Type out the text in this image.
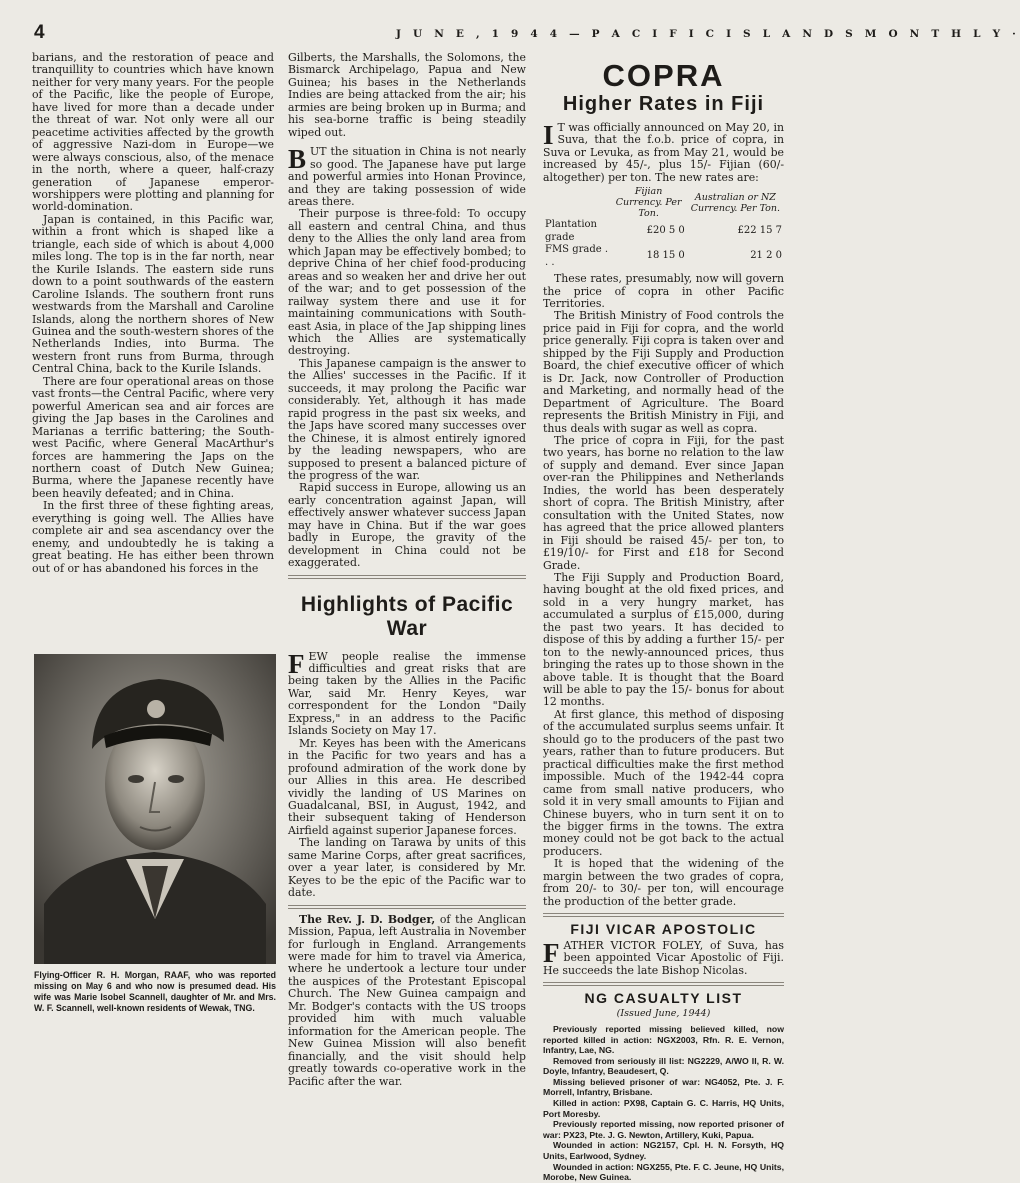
4	J U N E , 1 9 4 4 — P A C I F I C I S L A N D S M O N T H L Y ·

barians, and the restoration of peace and tranquillity to countries which have known neither for very many years. For the people of the Pacific, like the people of Europe, have lived for more than a decade under the threat of war. Not only were all our peacetime activities affected by the growth of aggressive Nazi-dom in Europe—we were always conscious, also, of the menace in the north, where a queer, half-crazy generation of Japanese emperor-worshippers were plotting and planning for world-domination.

Japan is contained, in this Pacific war, within a front which is shaped like a triangle, each side of which is about 4,000 miles long. The top is in the far north, near the Kurile Islands. The eastern side runs down to a point southwards of the eastern Caroline Islands. The southern front runs westwards from the Marshall and Caroline Islands, along the northern shores of New Guinea and the south-western shores of the Netherlands Indies, into Burma. The western front runs from Burma, through Central China, back to the Kurile Islands.

There are four operational areas on those vast fronts—the Central Pacific, where very powerful American sea and air forces are giving the Jap bases in the Carolines and Marianas a terrific battering; the South-west Pacific, where General MacArthur's forces are hammering the Japs on the northern coast of Dutch New Guinea; Burma, where the Japanese recently have been heavily defeated; and in China.

In the first three of these fighting areas, everything is going well. The Allies have complete air and sea ascendancy over the enemy, and undoubtedly he is taking a great beating. He has either been thrown out of or has abandoned his forces in the

Flying-Officer R. H. Morgan, RAAF, who was reported missing on May 6 and who now is presumed dead. His wife was Marie Isobel Scannell, daughter of Mr. and Mrs. W. F. Scannell, well-known residents of Wewak, TNG.

Gilberts, the Marshalls, the Solomons, the Bismarck Archipelago, Papua and New Guinea; his bases in the Netherlands Indies are being attacked from the air; his armies are being broken up in Burma; and his sea-borne traffic is being steadily wiped out.

BUT the situation in China is not nearly so good. The Japanese have put large and powerful armies into Honan Province, and they are taking possession of wide areas there.

Their purpose is three-fold: To occupy all eastern and central China, and thus deny to the Allies the only land area from which Japan may be effectively bombed; to deprive China of her chief food-producing areas and so weaken her and drive her out of the war; and to get possession of the railway system there and use it for maintaining communications with South-east Asia, in place of the Jap shipping lines which the Allies are systematically destroying.

This Japanese campaign is the answer to the Allies' successes in the Pacific. If it succeeds, it may prolong the Pacific war considerably. Yet, although it has made rapid progress in the past six weeks, and the Japs have scored many successes over the Chinese, it is almost entirely ignored by the leading newspapers, who are supposed to present a balanced picture of the progress of the war.

Rapid success in Europe, allowing us an early concentration against Japan, will effectively answer whatever success Japan may have in China. But if the war goes badly in Europe, the gravity of the development in China could not be exaggerated.

Highlights of Pacific War

FEW people realise the immense difficulties and great risks that are being taken by the Allies in the Pacific War, said Mr. Henry Keyes, war correspondent for the London "Daily Express," in an address to the Pacific Islands Society on May 17.

Mr. Keyes has been with the Americans in the Pacific for two years and has a profound admiration of the work done by our Allies in this area. He described vividly the landing of US Marines on Guadalcanal, BSI, in August, 1942, and their subsequent taking of Henderson Airfield against superior Japanese forces.

The landing on Tarawa by units of this same Marine Corps, after great sacrifices, over a year later, is considered by Mr. Keyes to be the epic of the Pacific war to date.

The Rev. J. D. Bodger, of the Anglican Mission, Papua, left Australia in November for furlough in England. Arrangements were made for him to travel via America, where he undertook a lecture tour under the auspices of the Protestant Episcopal Church. The New Guinea campaign and Mr. Bodger's contacts with the US troops provided him with much valuable information for the American people. The New Guinea Mission will also benefit financially, and the visit should help greatly towards co-operative work in the Pacific after the war.

COPRA
Higher Rates in Fiji

I T was officially announced on May 20, in Suva, that the f.o.b. price of copra, in Suva or Levuka, as from May 21, would be increased by 45/-, plus 15/- Fijian (60/- altogether) per ton. The new rates are:

	Fijian Currency. Per Ton.	Australian or NZ Currency. Per Ton.
Plantation grade	£20 5 0	£22 15 7
FMS grade . . .	18 15 0	21 2 0

These rates, presumably, now will govern the price of copra in other Pacific Territories.

The British Ministry of Food controls the price paid in Fiji for copra, and the world price generally. Fiji copra is taken over and shipped by the Fiji Supply and Production Board, the chief executive officer of which is Dr. Jack, now Controller of Production and Marketing, and normally head of the Department of Agriculture. The Board represents the British Ministry in Fiji, and thus deals with sugar as well as copra.

The price of copra in Fiji, for the past two years, has borne no relation to the law of supply and demand. Ever since Japan over-ran the Philippines and Netherlands Indies, the world has been desperately short of copra. The British Ministry, after consultation with the United States, now has agreed that the price allowed planters in Fiji should be raised 45/- per ton, to £19/10/- for First and £18 for Second Grade.

The Fiji Supply and Production Board, having bought at the old fixed prices, and sold in a very hungry market, has accumulated a surplus of £15,000, during the past two years. It has decided to dispose of this by adding a further 15/- per ton to the newly-announced prices, thus bringing the rates up to those shown in the above table. It is thought that the Board will be able to pay the 15/- bonus for about 12 months.

At first glance, this method of disposing of the accumulated surplus seems unfair. It should go to the producers of the past two years, rather than to future producers. But practical difficulties make the first method impossible. Much of the 1942-44 copra came from small native producers, who sold it in very small amounts to Fijian and Chinese buyers, who in turn sent it on to the bigger firms in the towns. The extra money could not be got back to the actual producers.

It is hoped that the widening of the margin between the two grades of copra, from 20/- to 30/- per ton, will encourage the production of the better grade.

FIJI VICAR APOSTOLIC

FATHER VICTOR FOLEY, of Suva, has been appointed Vicar Apostolic of Fiji. He succeeds the late Bishop Nicolas.

NG CASUALTY LIST
(Issued June, 1944)

Previously reported missing believed killed, now reported killed in action: NGX2003, Rfn. R. E. Vernon, Infantry, Lae, NG.

Removed from seriously ill list: NG2229, A/WO II, R. W. Doyle, Infantry, Beaudesert, Q.

Missing believed prisoner of war: NG4052, Pte. J. F. Morrell, Infantry, Brisbane.

Killed in action: PX98, Captain G. C. Harris, HQ Units, Port Moresby.

Previously reported missing, now reported prisoner of war: PX23, Pte. J. G. Newton, Artillery, Kuki, Papua.

Wounded in action: NG2157, Cpl. H. N. Forsyth, HQ Units, Earlwood, Sydney.

Wounded in action: NGX255, Pte. F. C. Jeune, HQ Units, Morobe, New Guinea.
